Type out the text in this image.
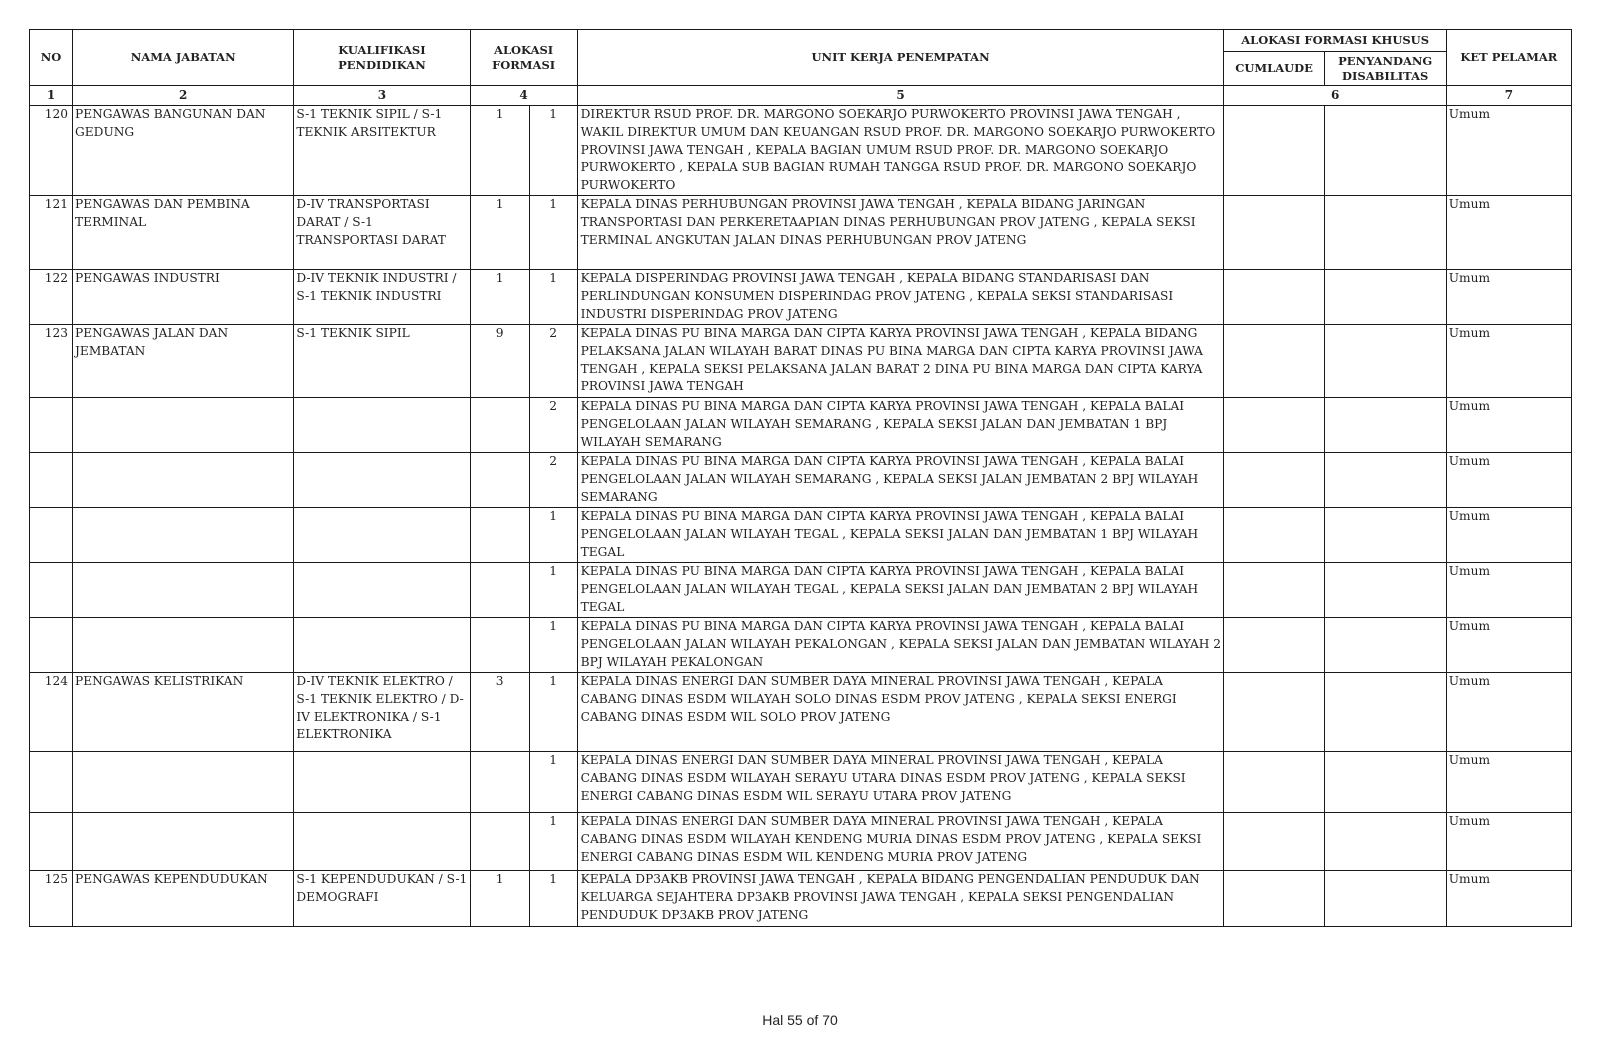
NO	NAMA JABATAN	KUALIFIKASI PENDIDIKAN	ALOKASI FORMASI		UNIT KERJA PENEMPATAN	ALOKASI FORMASI KHUSUS		KET PELAMAR
						CUMLAUDE	PENYANDANG DISABILITAS	
1	2	3	4		5	6		7
120	PENGAWAS BANGUNAN DAN GEDUNG	S-1 TEKNIK SIPIL / S-1 TEKNIK ARSITEKTUR	1	1	DIREKTUR RSUD PROF. DR. MARGONO SOEKARJO PURWOKERTO PROVINSI JAWA TENGAH , WAKIL DIREKTUR UMUM DAN KEUANGAN RSUD PROF. DR. MARGONO SOEKARJO PURWOKERTO PROVINSI JAWA TENGAH , KEPALA BAGIAN UMUM RSUD PROF. DR. MARGONO SOEKARJO PURWOKERTO , KEPALA SUB BAGIAN RUMAH TANGGA RSUD PROF. DR. MARGONO SOEKARJO PURWOKERTO			Umum
121	PENGAWAS DAN PEMBINA TERMINAL	D-IV TRANSPORTASI DARAT / S-1 TRANSPORTASI DARAT	1	1	KEPALA DINAS PERHUBUNGAN PROVINSI JAWA TENGAH , KEPALA BIDANG JARINGAN TRANSPORTASI DAN PERKERETAAPIAN DINAS PERHUBUNGAN PROV JATENG , KEPALA SEKSI TERMINAL ANGKUTAN JALAN DINAS PERHUBUNGAN PROV JATENG			Umum
122	PENGAWAS INDUSTRI	D-IV TEKNIK INDUSTRI / S-1 TEKNIK INDUSTRI	1	1	KEPALA DISPERINDAG PROVINSI JAWA TENGAH , KEPALA BIDANG STANDARISASI DAN PERLINDUNGAN KONSUMEN DISPERINDAG PROV JATENG , KEPALA SEKSI STANDARISASI INDUSTRI DISPERINDAG PROV JATENG			Umum
123	PENGAWAS JALAN DAN JEMBATAN	S-1 TEKNIK SIPIL	9	2	KEPALA DINAS PU BINA MARGA DAN CIPTA KARYA PROVINSI JAWA TENGAH , KEPALA BIDANG PELAKSANA JALAN WILAYAH BARAT DINAS PU BINA MARGA DAN CIPTA KARYA PROVINSI JAWA TENGAH , KEPALA SEKSI PELAKSANA JALAN BARAT 2 DINA PU BINA MARGA DAN CIPTA KARYA PROVINSI JAWA TENGAH			Umum
				2	KEPALA DINAS PU BINA MARGA DAN CIPTA KARYA PROVINSI JAWA TENGAH , KEPALA BALAI PENGELOLAAN JALAN WILAYAH SEMARANG , KEPALA SEKSI JALAN DAN JEMBATAN 1 BPJ WILAYAH SEMARANG			Umum
				2	KEPALA DINAS PU BINA MARGA DAN CIPTA KARYA PROVINSI JAWA TENGAH , KEPALA BALAI PENGELOLAAN JALAN WILAYAH SEMARANG , KEPALA SEKSI JALAN JEMBATAN 2 BPJ WILAYAH SEMARANG			Umum
				1	KEPALA DINAS PU BINA MARGA DAN CIPTA KARYA PROVINSI JAWA TENGAH , KEPALA BALAI PENGELOLAAN JALAN WILAYAH TEGAL , KEPALA SEKSI JALAN DAN JEMBATAN 1 BPJ WILAYAH TEGAL			Umum
				1	KEPALA DINAS PU BINA MARGA DAN CIPTA KARYA PROVINSI JAWA TENGAH , KEPALA BALAI PENGELOLAAN JALAN WILAYAH TEGAL , KEPALA SEKSI JALAN DAN JEMBATAN 2 BPJ WILAYAH TEGAL			Umum
				1	KEPALA DINAS PU BINA MARGA DAN CIPTA KARYA PROVINSI JAWA TENGAH , KEPALA BALAI PENGELOLAAN JALAN WILAYAH PEKALONGAN , KEPALA SEKSI JALAN DAN JEMBATAN WILAYAH 2 BPJ WILAYAH PEKALONGAN			Umum
124	PENGAWAS KELISTRIKAN	D-IV TEKNIK ELEKTRO / S-1 TEKNIK ELEKTRO / D-IV ELEKTRONIKA / S-1 ELEKTRONIKA	3	1	KEPALA DINAS ENERGI DAN SUMBER DAYA MINERAL PROVINSI JAWA TENGAH , KEPALA CABANG DINAS ESDM WILAYAH SOLO DINAS ESDM PROV JATENG , KEPALA SEKSI ENERGI CABANG DINAS ESDM WIL SOLO PROV JATENG			Umum
				1	KEPALA DINAS ENERGI DAN SUMBER DAYA MINERAL PROVINSI JAWA TENGAH , KEPALA CABANG DINAS ESDM WILAYAH SERAYU UTARA DINAS ESDM PROV JATENG , KEPALA SEKSI ENERGI CABANG DINAS ESDM WIL SERAYU UTARA PROV JATENG			Umum
				1	KEPALA DINAS ENERGI DAN SUMBER DAYA MINERAL PROVINSI JAWA TENGAH , KEPALA CABANG DINAS ESDM WILAYAH KENDENG MURIA DINAS ESDM PROV JATENG , KEPALA SEKSI ENERGI CABANG DINAS ESDM WIL KENDENG MURIA PROV JATENG			Umum
125	PENGAWAS KEPENDUDUKAN	S-1 KEPENDUDUKAN / S-1 DEMOGRAFI	1	1	KEPALA DP3AKB PROVINSI JAWA TENGAH , KEPALA BIDANG PENGENDALIAN PENDUDUK DAN KELUARGA SEJAHTERA DP3AKB PROVINSI JAWA TENGAH , KEPALA SEKSI PENGENDALIAN PENDUDUK DP3AKB PROV JATENG			Umum
Hal 55 of 70
